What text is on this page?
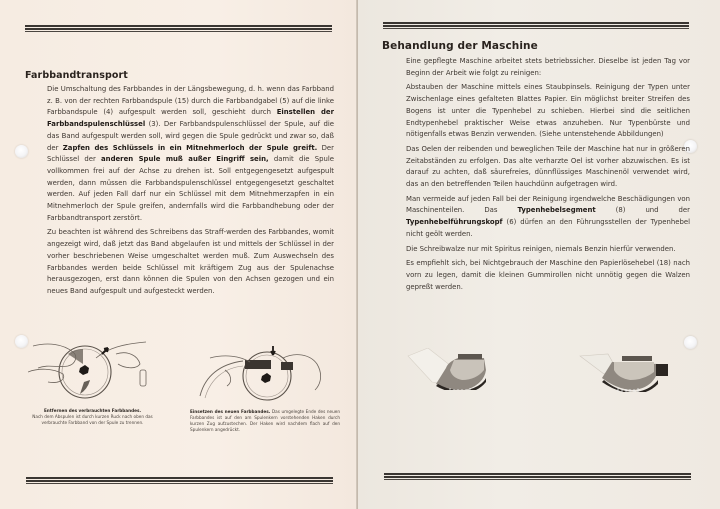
Farbbandtransport

Die Umschaltung des Farbbandes in der Längsbewegung, d. h. wenn das Farbband z. B. von der rechten Farbbandspule (15) durch die Farbbandgabel (5) auf die linke Farbbandspule (4) aufgespult werden soll, geschieht durch Einstellen der Farbbandspulenschlüssel (3). Der Farbbandspulenschlüssel der Spule, auf die das Band aufgespult werden soll, wird gegen die Spule gedrückt und zwar so, daß der Zapfen des Schlüssels in ein Mitnehmerloch der Spule greift. Der Schlüssel der anderen Spule muß außer Eingriff sein, damit die Spule vollkommen frei auf der Achse zu drehen ist. Soll entgegengesetzt aufgespult werden, dann müssen die Farbbandspulenschlüssel entgegengesetzt geschaltet werden. Auf jeden Fall darf nur ein Schlüssel mit dem Mitnehmerzapfen in ein Mitnehmerloch der Spule greifen, andernfalls wird die Farbbandhebung oder der Farbbandtransport zerstört.

Zu beachten ist während des Schreibens das Straff-werden des Farbbandes, womit angezeigt wird, daß jetzt das Band abgelaufen ist und mittels der Schlüssel in der vorher beschriebenen Weise umgeschaltet werden muß. Zum Auswechseln des Farbbandes werden beide Schlüssel mit kräftigem Zug aus der Spulenachse herausgezogen, erst dann können die Spulen von den Achsen gezogen und ein neues Band aufgespult und aufgesteckt werden.

Entfernen des verbrauchten Farbbandes.
Nach dem Abspulen ist durch kurzen Ruck nach oben das verbrauchte Farbband von der Spule zu trennen.
Einsetzen des neuen Farbbandes. Das umgelegte Ende des neuen Farbbandes ist auf den am Spulenkern vorstehenden Haken durch kurzen Zug aufzustechen. Der Haken wird nachdem flach auf den Spulenkern angedrückt.
Behandlung der Maschine

Eine gepflegte Maschine arbeitet stets betriebssicher. Dieselbe ist jeden Tag vor Beginn der Arbeit wie folgt zu reinigen:

Abstauben der Maschine mittels eines Staubpinsels. Reinigung der Typen unter Zwischenlage eines gefalteten Blattes Papier. Ein möglichst breiter Streifen des Bogens ist unter die Typenhebel zu schieben. Hierbei sind die seitlichen Endtypenhebel praktischer Weise etwas anzuheben. Nur Typenbürste und nötigenfalls etwas Benzin verwenden. (Siehe untenstehende Abbildungen)

Das Oelen der reibenden und beweglichen Teile der Maschine hat nur in größeren Zeitabständen zu erfolgen. Das alte verharzte Oel ist vorher abzuwischen. Es ist darauf zu achten, daß säurefreies, dünnflüssiges Maschinenöl verwendet wird, das an den betreffenden Teilen hauchdünn aufgetragen wird.

Man vermeide auf jeden Fall bei der Reinigung irgendwelche Beschädigungen von Maschinenteilen. Das Typenhebelsegment (8) und der Typenhebelführungskopf (6) dürfen an den Führungsstellen der Typenhebel nicht geölt werden.

Die Schreibwalze nur mit Spiritus reinigen, niemals Benzin hierfür verwenden.

Es empfiehlt sich, bei Nichtgebrauch der Maschine den Papierlösehebel (18) nach vorn zu legen, damit die kleinen Gummirollen nicht unnötig gegen die Walzen gepreßt werden.
